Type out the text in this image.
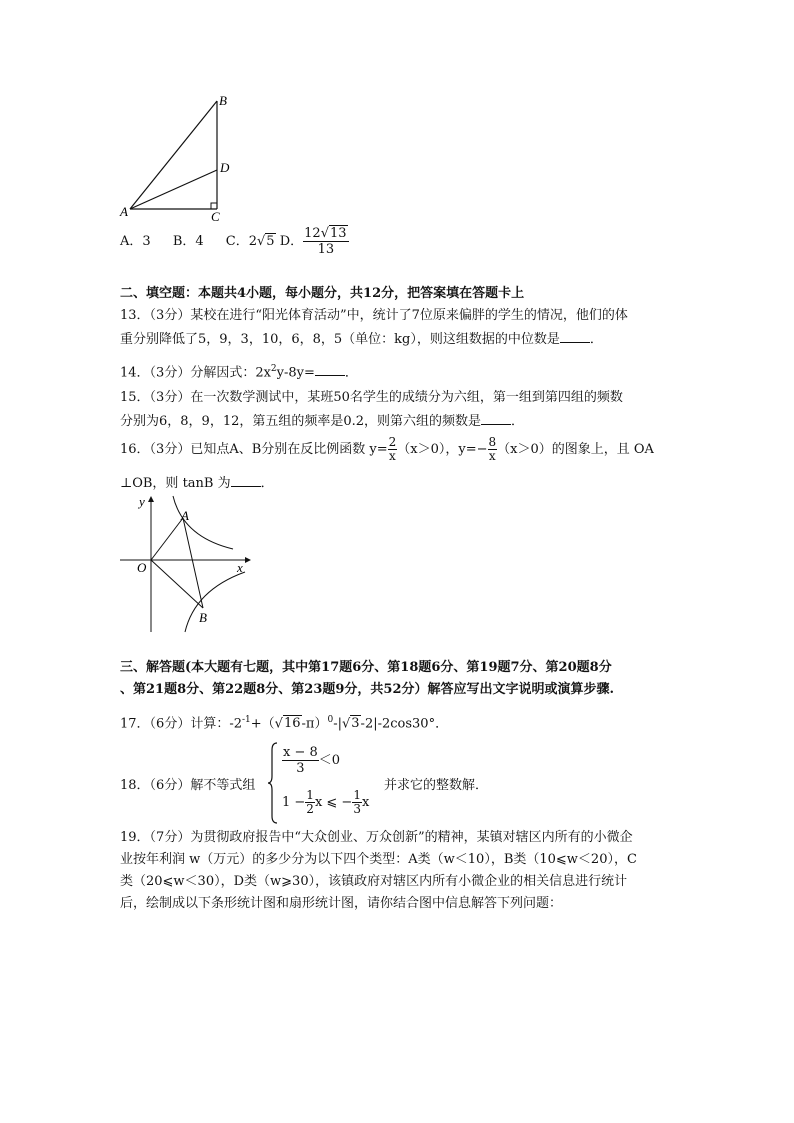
B
D
A	C
A．3 B．4 C．2√5 D． $\frac{12√13}{13}$
二、填空题：本题共4小题，每小题分，共12分，把答案填在答题卡上
13．（3分）某校在进行“阳光体育活动”中，统计了7位原来偏胖的学生的情况，他们的体
重分别降低了5，9，3，10，6，8，5（单位：kg），则这组数据的中位数是 ．
14．（3分）分解因式：$2x^2y-8y=$ ．
15．（3分）在一次数学测试中，某班50名学生的成绩分为六组，第一组到第四组的频数
分别为6，8，9，12，第五组的频率是0.2，则第六组的频数是 ．
16．（3分）已知点A、B分别在反比例函数 $y= \frac{2}{x} (x>0)$，$y=- \frac{8}{x} (x>0)$的图象上，且 OA
⊥OB，则 tanB 为 ．
y
x
O
A
B
三、解答题(本大题有七题，其中第17题6分、第18题6分、第19题7分、第20题8分
、第21题8分、第22题8分、第23题9分，共52分）解答应写出文字说明或演算步骤.
17．（6分）计算：$-2^{-1}+(√16-\pi)^0-|√3-2|-2\cos 30^\circ$．
18．（6分）解不等式组
$\frac{x - 8}{3} <0$
$1 - \frac{1}{2}$ x ⩽ − $\frac{1}{3}$ x
并求它的整数解．
19．（7分）为贯彻政府报告中“大众创业、万众创新”的精神，某镇对辖区内所有的小微企
业按年利润 w（万元）的多少分为以下四个类型：A类（w＜10），B类（10⩽w＜20），C
类（20⩽w＜30），D类（w⩾30），该镇政府对辖区内所有小微企业的相关信息进行统计
后，绘制成以下条形统计图和扇形统计图，请你结合图中信息解答下列问题：
